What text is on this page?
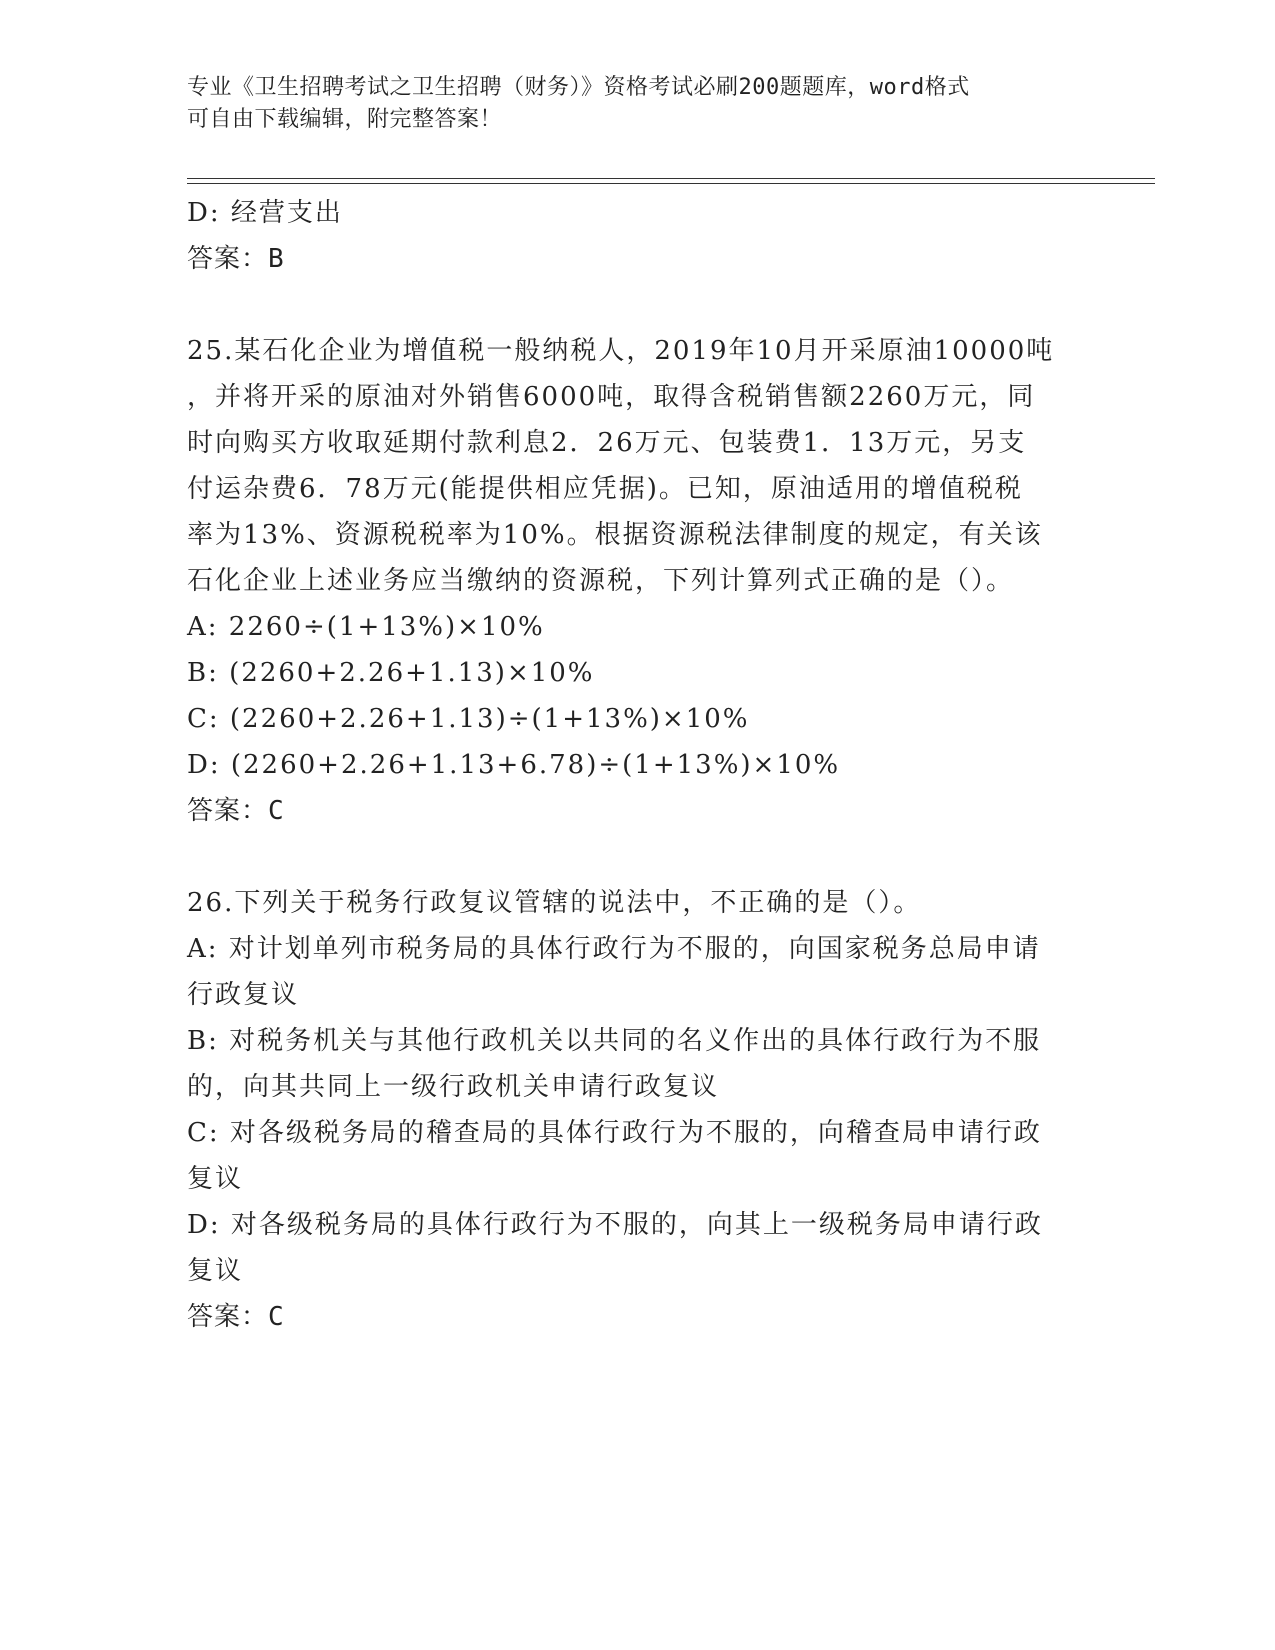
专业《卫生招聘考试之卫生招聘（财务）》资格考试必刷200题题库，word格式
可自由下载编辑，附完整答案！
D: 经营支出
答案：B
25.某石化企业为增值税一般纳税人，2019年10月开采原油10000吨
，并将开采的原油对外销售6000吨，取得含税销售额2260万元，同
时向购买方收取延期付款利息2．26万元、包装费1．13万元，另支
付运杂费6．78万元(能提供相应凭据)。已知，原油适用的增值税税
率为13%、资源税税率为10%。根据资源税法律制度的规定，有关该
石化企业上述业务应当缴纳的资源税，下列计算列式正确的是（）。
A: 2260÷(1+13%)×10%
B: (2260+2.26+1.13)×10%
C: (2260+2.26+1.13)÷(1+13%)×10%
D: (2260+2.26+1.13+6.78)÷(1+13%)×10%
答案：C
26.下列关于税务行政复议管辖的说法中，不正确的是（）。
A: 对计划单列市税务局的具体行政行为不服的，向国家税务总局申请
行政复议
B: 对税务机关与其他行政机关以共同的名义作出的具体行政行为不服
的，向其共同上一级行政机关申请行政复议
C: 对各级税务局的稽查局的具体行政行为不服的，向稽查局申请行政
复议
D: 对各级税务局的具体行政行为不服的，向其上一级税务局申请行政
复议
答案：C
